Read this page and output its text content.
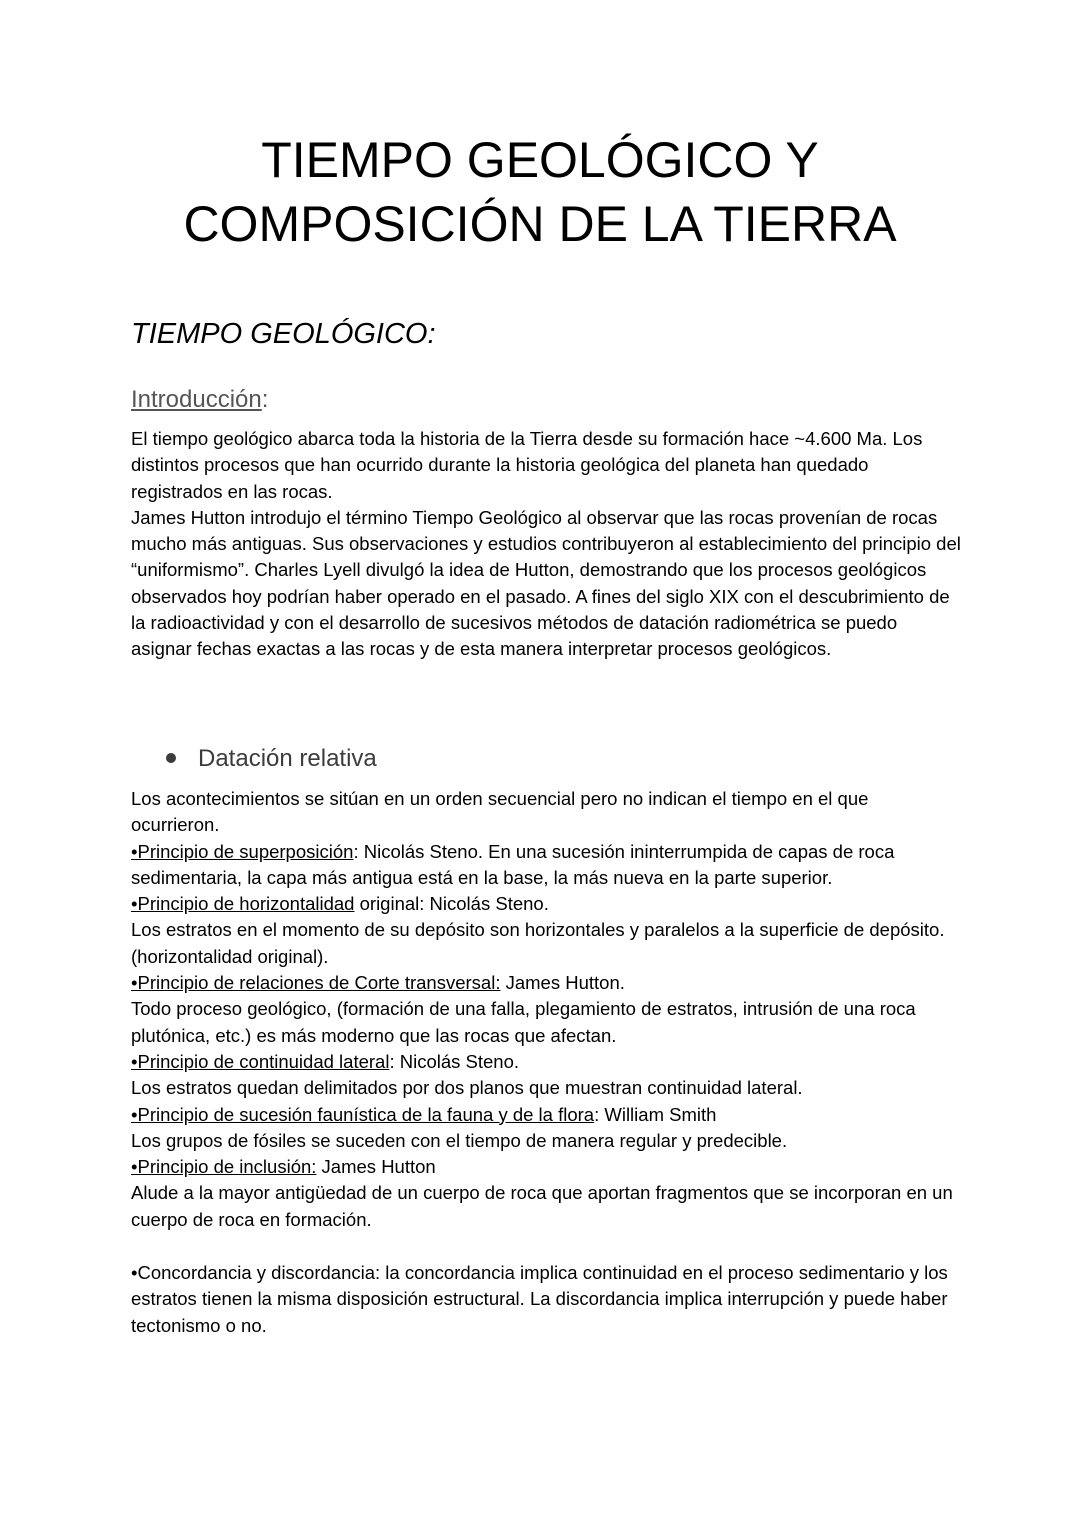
TIEMPO GEOLÓGICO Y
COMPOSICIÓN DE LA TIERRA
TIEMPO GEOLÓGICO:
Introducción:
El tiempo geológico abarca toda la historia de la Tierra desde su formación hace ~4.600 Ma. Los distintos procesos que han ocurrido durante la historia geológica del planeta han quedado registrados en las rocas.
James Hutton introdujo el término Tiempo Geológico al observar que las rocas provenían de rocas mucho más antiguas. Sus observaciones y estudios contribuyeron al establecimiento del principio del “uniformismo”. Charles Lyell divulgó la idea de Hutton, demostrando que los procesos geológicos observados hoy podrían haber operado en el pasado. A fines del siglo XIX con el descubrimiento de la radioactividad y con el desarrollo de sucesivos métodos de datación radiométrica se puedo asignar fechas exactas a las rocas y de esta manera interpretar procesos geológicos.
Datación relativa
Los acontecimientos se sitúan en un orden secuencial pero no indican el tiempo en el que ocurrieron.
•Principio de superposición: Nicolás Steno. En una sucesión ininterrumpida de capas de roca sedimentaria, la capa más antigua está en la base, la más nueva en la parte superior.
•Principio de horizontalidad original: Nicolás Steno.
Los estratos en el momento de su depósito son horizontales y paralelos a la superficie de depósito. (horizontalidad original).
•Principio de relaciones de Corte transversal: James Hutton.
Todo proceso geológico, (formación de una falla, plegamiento de estratos, intrusión de una roca plutónica, etc.) es más moderno que las rocas que afectan.
•Principio de continuidad lateral: Nicolás Steno.
Los estratos quedan delimitados por dos planos que muestran continuidad lateral.
•Principio de sucesión faunística de la fauna y de la flora: William Smith
Los grupos de fósiles se suceden con el tiempo de manera regular y predecible.
•Principio de inclusión: James Hutton
Alude a la mayor antigüedad de un cuerpo de roca que aportan fragmentos que se incorporan en un cuerpo de roca en formación.
•Concordancia y discordancia: la concordancia implica continuidad en el proceso sedimentario y los estratos tienen la misma disposición estructural. La discordancia implica interrupción y puede haber tectonismo o no.
